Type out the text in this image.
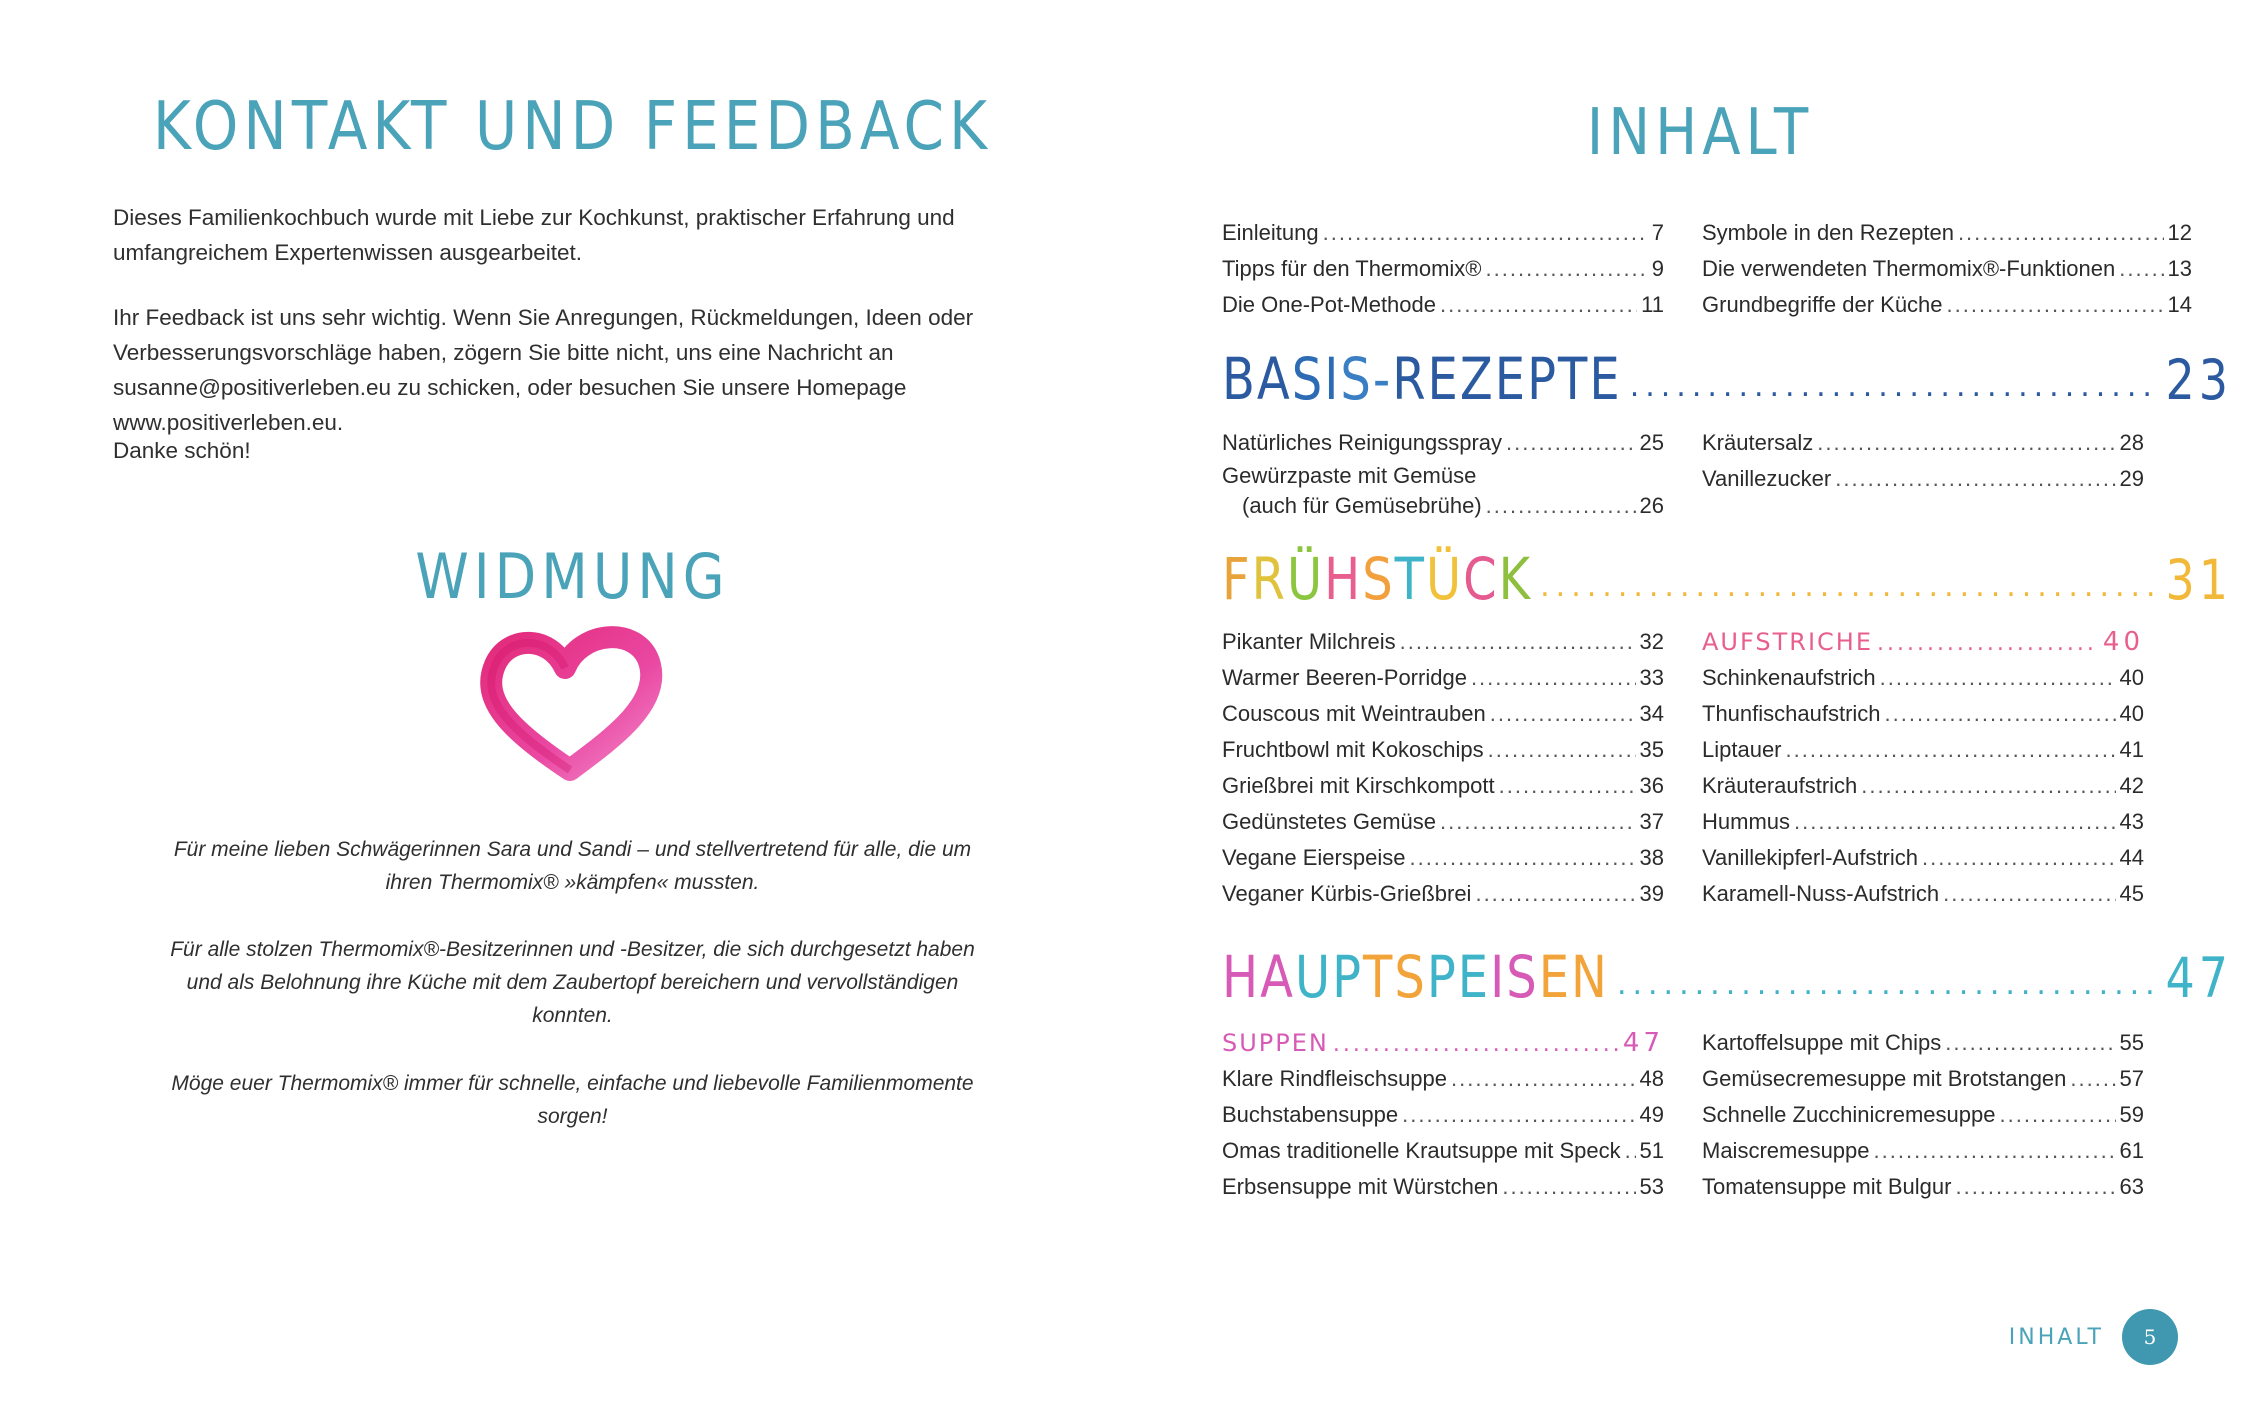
KONTAKT UND FEEDBACK

Dieses Familienkochbuch wurde mit Liebe zur Kochkunst, praktischer Erfahrung und umfangreichem Expertenwissen ausgearbeitet.

Ihr Feedback ist uns sehr wichtig. Wenn Sie Anregungen, Rückmeldungen, Ideen oder Verbesserungsvorschläge haben, zögern Sie bitte nicht, uns eine Nachricht an susanne@positiverleben.eu zu schicken, oder besuchen Sie unsere Homepage www.positiverleben.eu.

Danke schön!

WIDMUNG

Für meine lieben Schwägerinnen Sara und Sandi – und stellvertretend für alle, die um ihren Thermomix® »kämpfen« mussten.

Für alle stolzen Thermomix®-Besitzerinnen und -Besitzer, die sich durchgesetzt haben und als Belohnung ihre Küche mit dem Zaubertopf bereichern und vervollständigen konnten.

Möge euer Thermomix® immer für schnelle, einfache und liebevolle Familienmomente sorgen!

INHALT
Einleitung .....	7
Tipps für den Thermomix® .....	9
Die One-Pot-Methode .....	11
Symbole in den Rezepten .....	12
Die verwendeten Thermomix®-Funktionen ..... 13
Grundbegriffe der Küche .....	14
BASIS-REZEPTE .....	23
Natürliches Reinigungsspray .....	25
Gewürzpaste mit Gemüse
(auch für Gemüsebrühe) .....	26
Kräutersalz .....	28
Vanillezucker .....	29
FRÜHSTÜCK .....	31
Pikanter Milchreis .....	32
Warmer Beeren-Porridge .....	33
Couscous mit Weintrauben .....	34
Fruchtbowl mit Kokoschips .....	35
Grießbrei mit Kirschkompott .....	36
Gedünstetes Gemüse .....	37
Vegane Eierspeise .....	38
Veganer Kürbis-Grießbrei .....	39
AUFSTRICHE .....	40
Schinkenaufstrich .....	40
Thunfischaufstrich .....	40
Liptauer .....	41
Kräuteraufstrich .....	42
Hummus .....	43
Vanillekipferl-Aufstrich .....	44
Karamell-Nuss-Aufstrich .....	45
HAUPTSPEISEN .....	47
SUPPEN .....	47
Klare Rindfleischsuppe .....	48
Buchstabensuppe .....	49
Omas traditionelle Krautsuppe mit Speck ..... 51
Erbsensuppe mit Würstchen .....	53
Kartoffelsuppe mit Chips .....	55
Gemüsecremesuppe mit Brotstangen ..... 57
Schnelle Zucchinicremesuppe .....	59
Maiscremesuppe .....	61
Tomatensuppe mit Bulgur .....	63
INHALT	5
